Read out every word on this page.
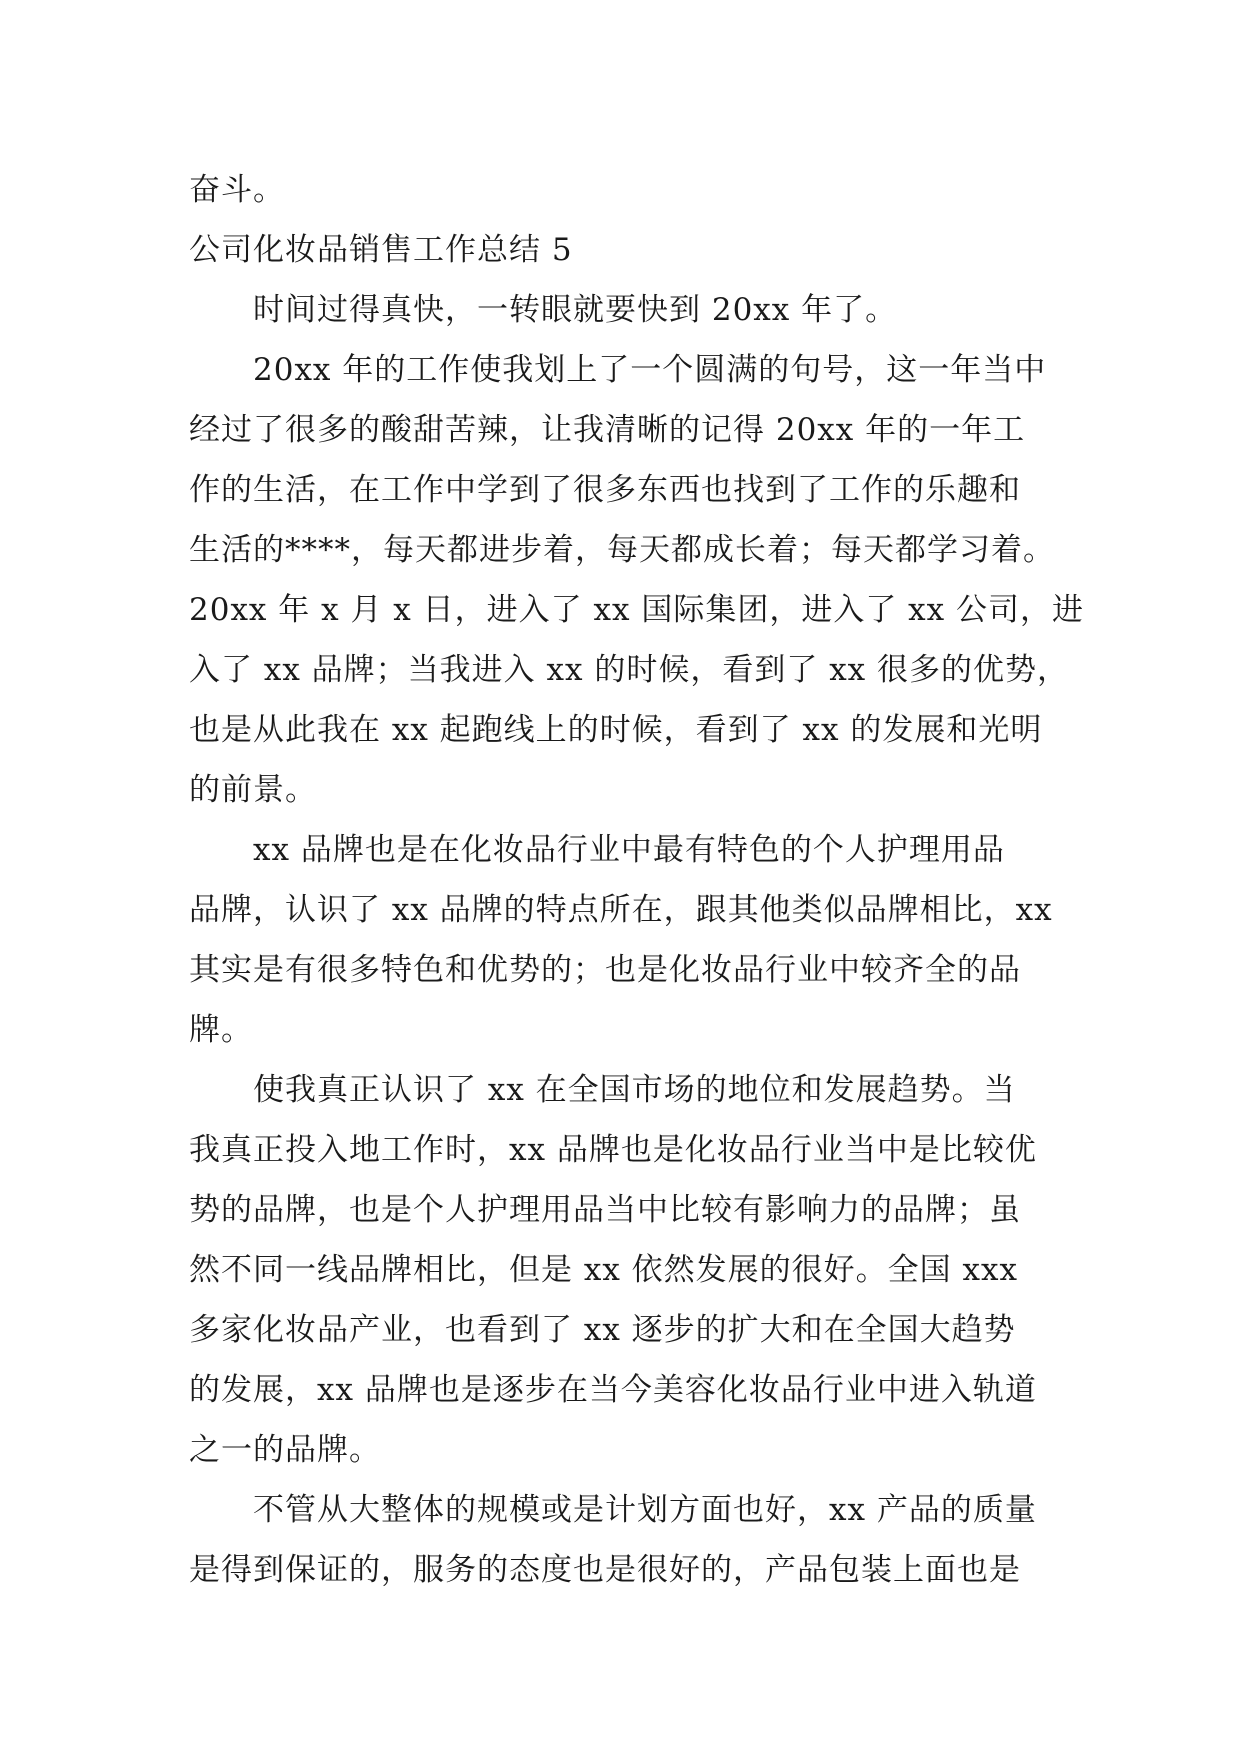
奋斗。
公司化妆品销售工作总结 5
时间过得真快，一转眼就要快到 20xx 年了。
20xx 年的工作使我划上了一个圆满的句号，这一年当中
经过了很多的酸甜苦辣，让我清晰的记得 20xx 年的一年工
作的生活，在工作中学到了很多东西也找到了工作的乐趣和
生活的****，每天都进步着，每天都成长着；每天都学习着。
20xx 年 x 月 x 日，进入了 xx 国际集团，进入了 xx 公司，进
入了 xx 品牌；当我进入 xx 的时候，看到了 xx 很多的优势，
也是从此我在 xx 起跑线上的时候，看到了 xx 的发展和光明
的前景。
xx 品牌也是在化妆品行业中最有特色的个人护理用品
品牌，认识了 xx 品牌的特点所在，跟其他类似品牌相比，xx
其实是有很多特色和优势的；也是化妆品行业中较齐全的品
牌。
使我真正认识了 xx 在全国市场的地位和发展趋势。当
我真正投入地工作时，xx 品牌也是化妆品行业当中是比较优
势的品牌，也是个人护理用品当中比较有影响力的品牌；虽
然不同一线品牌相比，但是 xx 依然发展的很好。全国 xxx
多家化妆品产业，也看到了 xx 逐步的扩大和在全国大趋势
的发展，xx 品牌也是逐步在当今美容化妆品行业中进入轨道
之一的品牌。
不管从大整体的规模或是计划方面也好，xx 产品的质量
是得到保证的，服务的态度也是很好的，产品包装上面也是
